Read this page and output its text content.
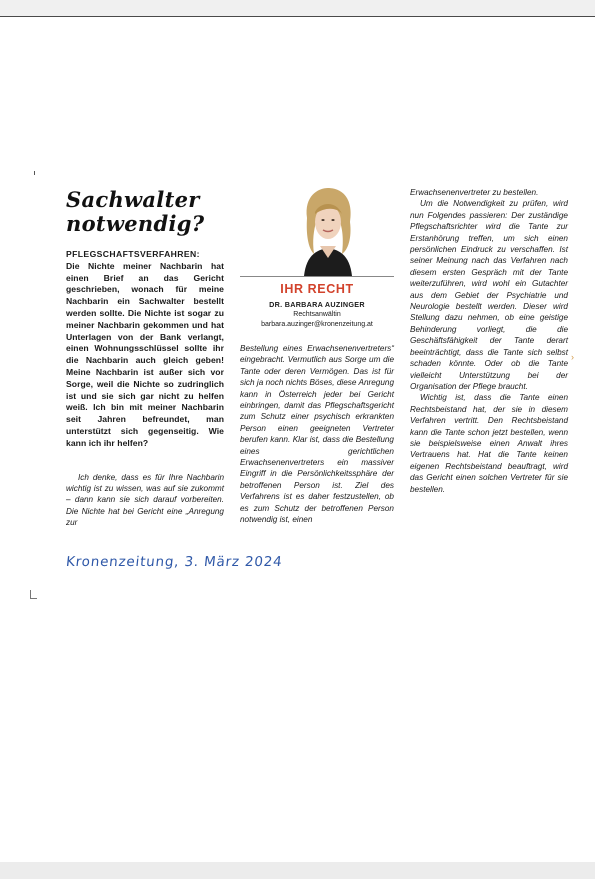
Sachwalter
notwendig?
PFLEGSCHAFTSVERFAHREN:
Die Nichte meiner Nachbarin hat einen Brief an das Gericht geschrieben, wonach für meine Nachbarin ein Sachwalter bestellt werden sollte. Die Nichte ist sogar zu meiner Nachbarin gekommen und hat Unterlagen von der Bank verlangt, einen Wohnungsschlüssel sollte ihr die Nachbarin auch gleich geben! Meine Nachbarin ist außer sich vor Sorge, weil die Nichte so zudringlich ist und sie sich gar nicht zu helfen weiß. Ich bin mit meiner Nachbarin seit Jahren befreundet, man unterstützt sich gegenseitig. Wie kann ich ihr helfen?
Ich denke, dass es für Ihre Nachbarin wichtig ist zu wissen, was auf sie zukommt – dann kann sie sich darauf vorbereiten. Die Nichte hat bei Gericht eine „Anregung zur
IHR RECHT
DR. BARBARA AUZINGER
Rechtsanwältin
barbara.auzinger@kronenzeitung.at
Bestellung eines Erwachsenenvertreters“ eingebracht. Vermutlich aus Sorge um die Tante oder deren Vermögen. Das ist für sich ja noch nichts Böses, diese Anregung kann in Österreich jeder bei Gericht einbringen, damit das Pflegschaftsgericht zum Schutz einer psychisch erkrankten Person einen geeigneten Vertreter berufen kann. Klar ist, dass die Bestellung eines gerichtlichen Erwachsenenvertreters ein massiver Eingriff in die Persönlichkeitssphäre der betroffenen Person ist. Ziel des Verfahrens ist es daher festzustellen, ob es zum Schutz der betroffenen Person notwendig ist, einen

Erwachsenenvertreter zu bestellen.

Um die Notwendigkeit zu prüfen, wird nun Folgendes passieren: Der zuständige Pflegschaftsrichter wird die Tante zur Erstanhörung treffen, um sich einen persönlichen Eindruck zu verschaffen. Ist seiner Meinung nach das Verfahren nach diesem ersten Gespräch mit der Tante weiterzuführen, wird wohl ein Gutachter aus dem Gebiet der Psychiatrie und Neurologie bestellt werden. Dieser wird Stellung dazu nehmen, ob eine geistige Behinderung vorliegt, die die Geschäftsfähigkeit der Tante derart beeinträchtigt, dass die Tante sich selbst schaden könnte. Oder ob die Tante vielleicht Unterstützung bei der Organisation der Pflege braucht.

Wichtig ist, dass die Tante einen Rechtsbeistand hat, der sie in diesem Verfahren vertritt. Den Rechtsbeistand kann die Tante schon jetzt bestellen, wenn sie beispielsweise einen Anwalt ihres Vertrauens hat. Hat die Tante keinen eigenen Rechtsbeistand beauftragt, wird das Gericht einen solchen Vertreter für sie bestellen.

Kronenzeitung, 3. März 2024
›
